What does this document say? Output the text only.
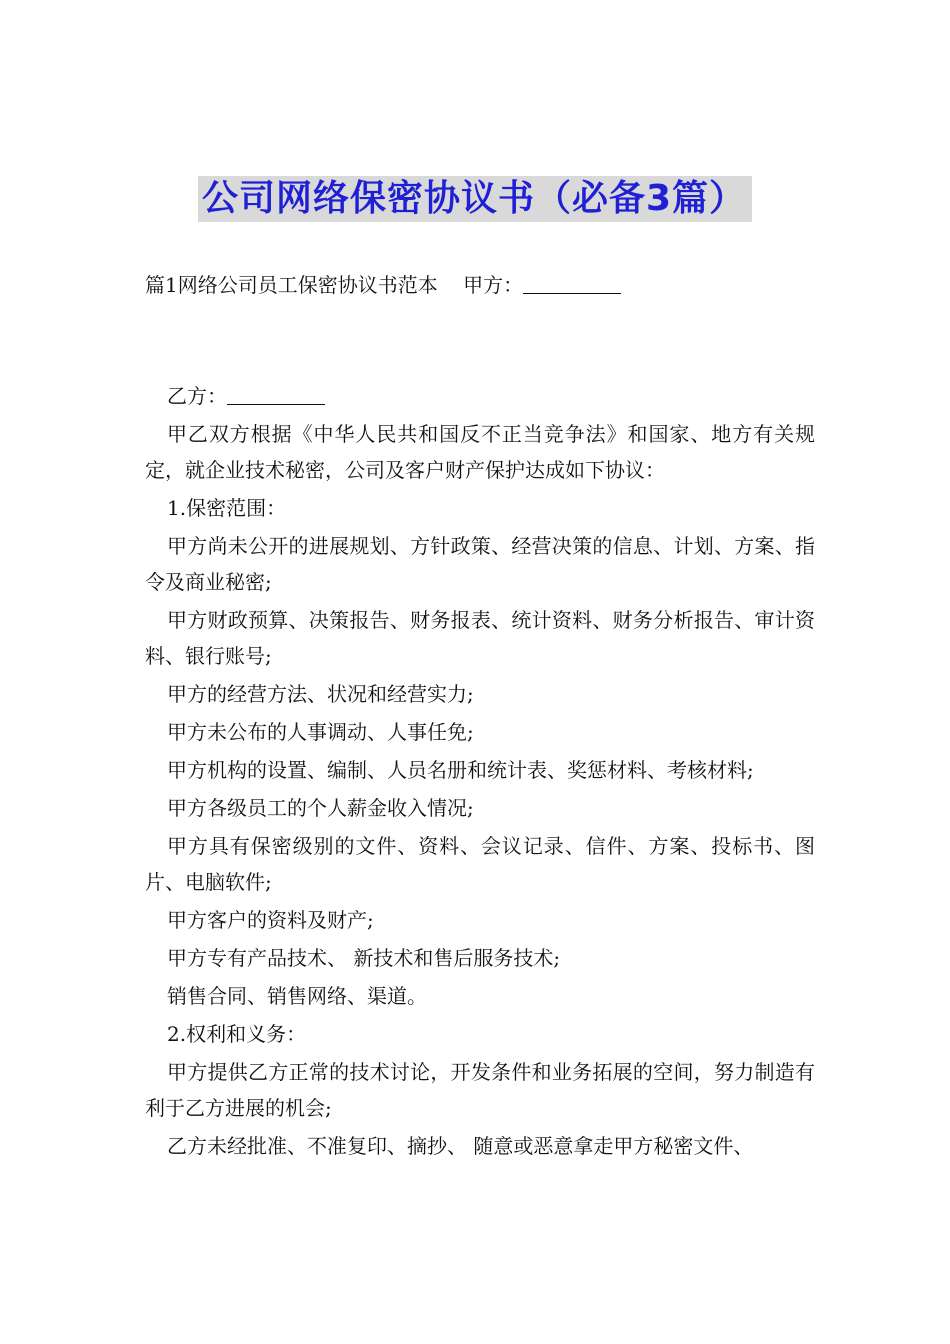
公司网络保密协议书（必备3篇）
篇1网络公司员工保密协议书范本    甲方：
乙方：
甲乙双方根据《中华人民共和国反不正当竞争法》和国家、地方有关规定，就企业技术秘密，公司及客户财产保护达成如下协议：
1.保密范围：
甲方尚未公开的进展规划、方针政策、经营决策的信息、计划、方案、指令及商业秘密;
甲方财政预算、决策报告、财务报表、统计资料、财务分析报告、审计资料、银行账号;
甲方的经营方法、状况和经营实力;
甲方未公布的人事调动、人事任免;
甲方机构的设置、编制、人员名册和统计表、奖惩材料、考核材料;
甲方各级员工的个人薪金收入情况;
甲方具有保密级别的文件、资料、会议记录、信件、方案、投标书、图片、电脑软件;
甲方客户的资料及财产;
甲方专有产品技术、 新技术和售后服务技术;
销售合同、销售网络、渠道。
2.权利和义务：
甲方提供乙方正常的技术讨论，开发条件和业务拓展的空间，努力制造有利于乙方进展的机会;
乙方未经批准、不准复印、摘抄、 随意或恶意拿走甲方秘密文件、
